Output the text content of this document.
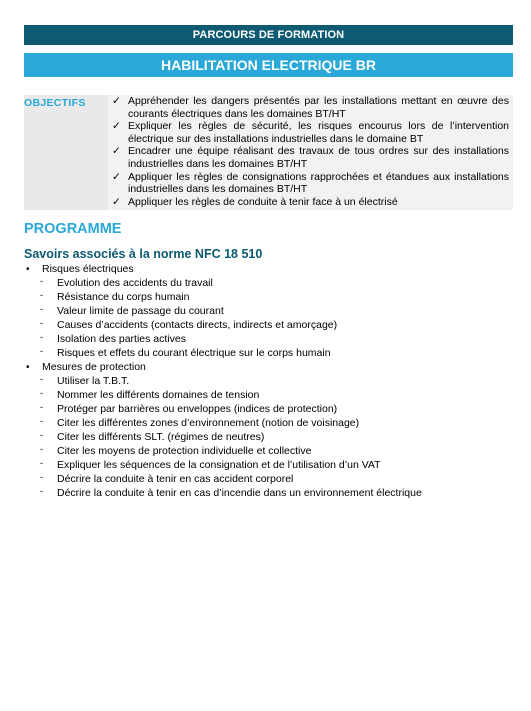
PARCOURS DE FORMATION
HABILITATION ELECTRIQUE BR
OBJECTIFS	✓ Appréhender les dangers présentés par les installations mettant en œuvre des courants électriques dans les domaines BT/HT
✓ Expliquer les règles de sécurité, les risques encourus lors de l’intervention électrique sur des installations industrielles dans le domaine BT
✓ Encadrer une équipe réalisant des travaux de tous ordres sur des installations industrielles dans les domaines BT/HT
✓ Appliquer les règles de consignations rapprochées et étandues aux installations industrielles dans les domaines BT/HT
✓ Appliquer les règles de conduite à tenir face à un électrisé
PROGRAMME
Savoirs associés à la norme NFC 18 510
•	Risques électriques
-	Evolution des accidents du travail
-	Résistance du corps humain
-	Valeur limite de passage du courant
-	Causes d’accidents (contacts directs, indirects et amorçage)
-	Isolation des parties actives
-	Risques et effets du courant électrique sur le corps humain
•	Mesures de protection
-	Utiliser la T.B.T.
-	Nommer les différents domaines de tension
-	Protéger par barrières ou enveloppes (indices de protection)
-	Citer les différentes zones d’environnement (notion de voisinage)
-	Citer les différents SLT. (régimes de neutres)
-	Citer les moyens de protection individuelle et collective
-	Expliquer les séquences de la consignation et de l’utilisation d’un VAT
-	Décrire la conduite à tenir en cas accident corporel
-	Décrire la conduite à tenir en cas d’incendie dans un environnement électrique
